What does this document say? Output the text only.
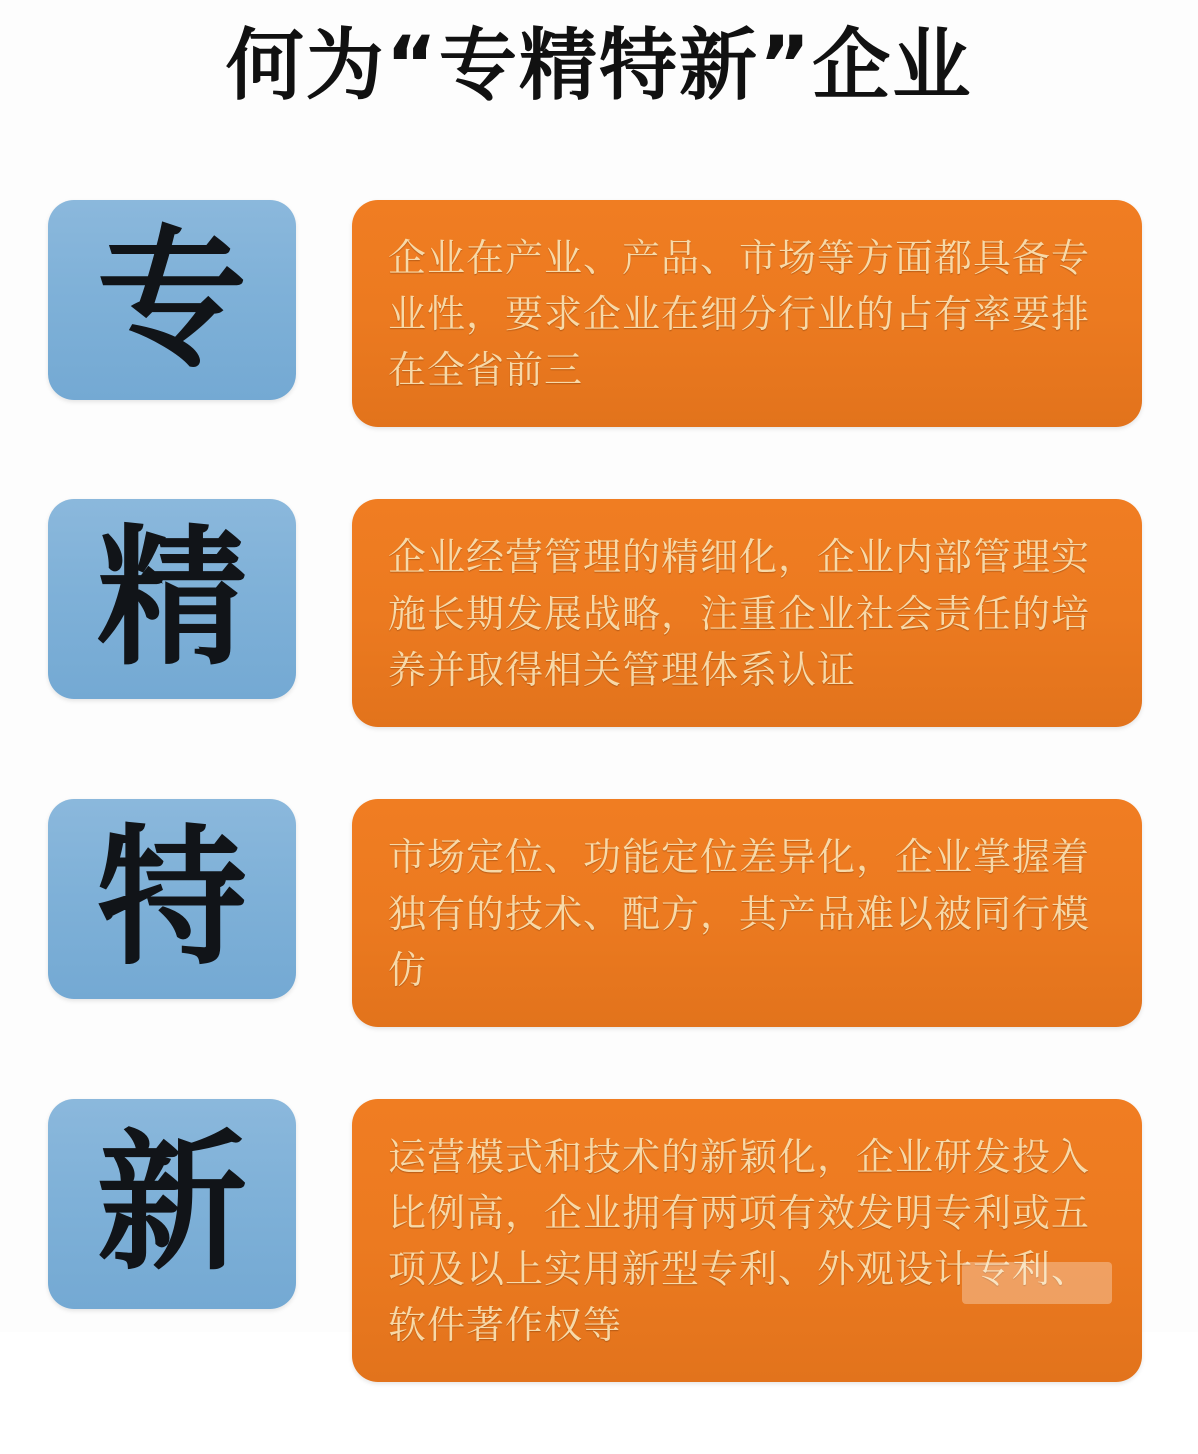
何为“专精特新”企业
专	企业在产业、产品、市场等方面都具备专业性，要求企业在细分行业的占有率要排在全省前三
精	企业经营管理的精细化，企业内部管理实施长期发展战略，注重企业社会责任的培养并取得相关管理体系认证
特	市场定位、功能定位差异化，企业掌握着独有的技术、配方，其产品难以被同行模仿
新	运营模式和技术的新颖化，企业研发投入比例高，企业拥有两项有效发明专利或五项及以上实用新型专利、外观设计专利、软件著作权等
